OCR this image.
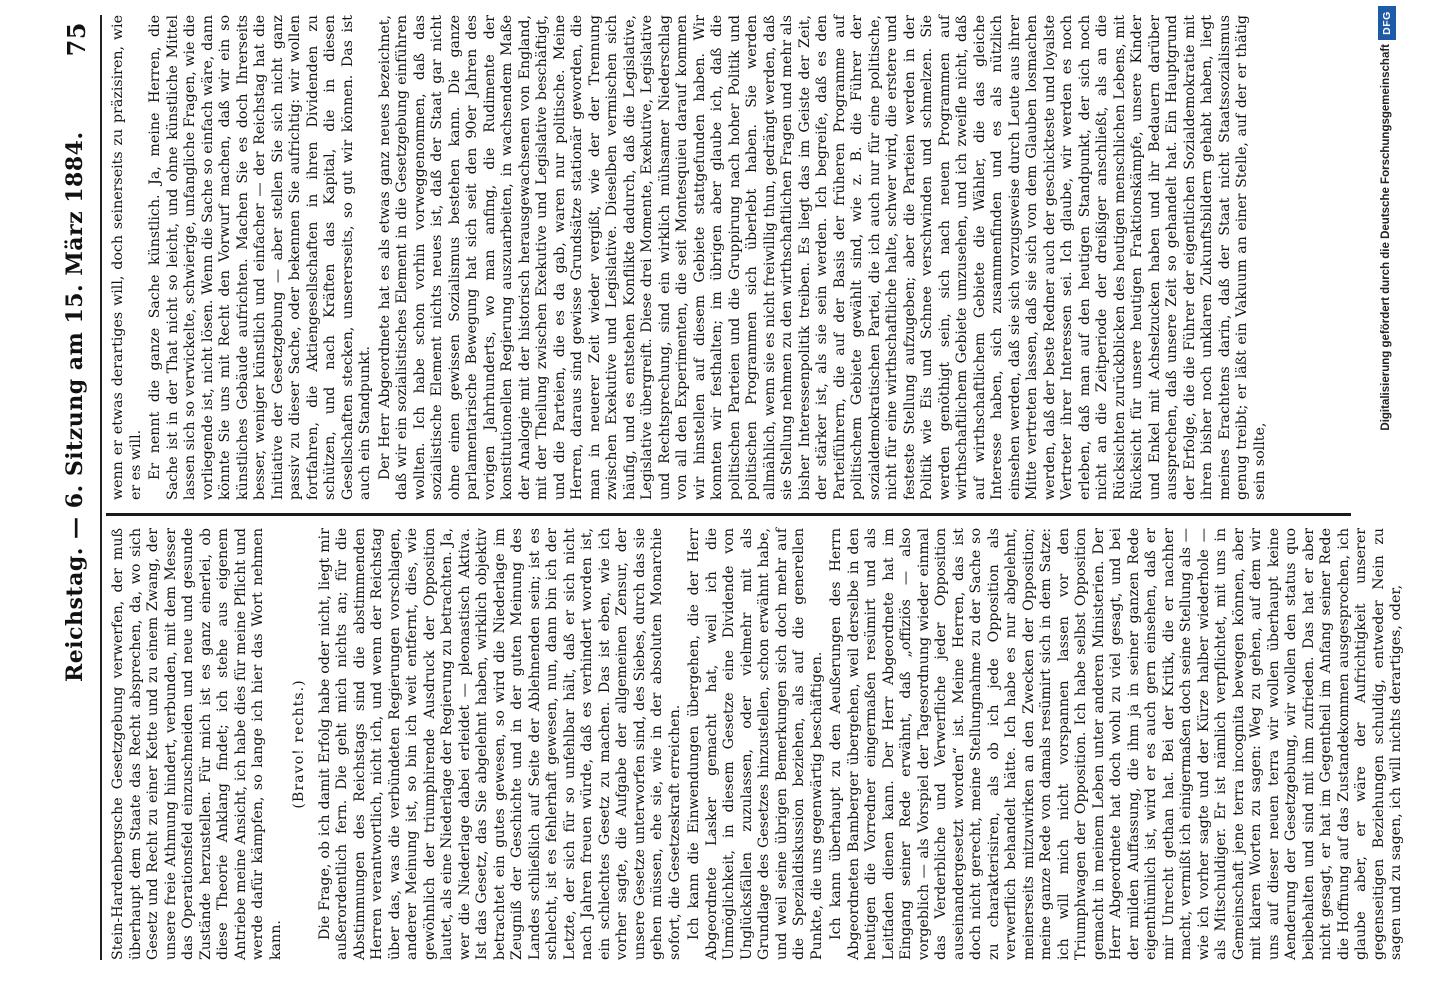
Reichstag. — 6. Sitzung am 15. März 1884.
75

Stein-Hardenbergsche Gesetzgebung verwerfen, der muß überhaupt dem Staate das Recht absprechen, da, wo sich Gesetz und Recht zu einer Kette und zu einem Zwang, der unsere freie Athmung hindert, verbunden, mit dem Messer das Operationsfeld einzuschneiden und neue und gesunde Zustände herzustellen. Für mich ist es ganz einerlei, ob diese Theorie Anklang findet; ich stehe aus eigenem Antriebe meine Ansicht, ich habe dies für meine Pflicht und werde dafür kämpfen, so lange ich hier das Wort nehmen kann.

(Bravo! rechts.) Die Frage, ob ich damit Erfolg habe oder nicht, liegt mir außerordentlich fern. Die geht mich nichts an; für die Abstimmungen des Reichstags sind die abstimmenden Herren verantwortlich, nicht ich, und wenn der Reichstag über das, was die verbündeten Regierungen vorschlagen, anderer Meinung ist, so bin ich weit entfernt, dies, wie gewöhnlich der triumphirende Ausdruck der Opposition lautet, als eine Niederlage der Regierung zu betrachten. Ja, wer die Niederlage dabei erleidet — pleonastisch Aktiva. Ist das Gesetz, das Sie abgelehnt haben, wirklich objektiv betrachtet ein gutes gewesen, so wird die Niederlage im Zeugniß der Geschichte und in der guten Meinung des Landes schließlich auf Seite der Ablehnenden sein; ist es schlecht, ist es fehlerhaft gewesen, nun, dann bin ich der Letzte, der sich für so unfehlbar hält, daß er sich nicht nach Jahren freuen würde, daß es verhindert worden ist, ein schlechtes Gesetz zu machen. Das ist eben, wie ich vorher sagte, die Aufgabe der allgemeinen Zensur, der unsere Gesetze unterworfen sind, des Siebes, durch das sie gehen müssen, ehe sie, wie in der absoluten Monarchie sofort, die Gesetzeskraft erreichen. Ich kann die Einwendungen übergehen, die der Herr Abgeordnete Lasker gemacht hat, weil ich die Unmöglichkeit, in diesem Gesetze eine Dividende von Unglücksfällen zuzulassen, oder vielmehr mit als Grundlage des Gesetzes hinzustellen, schon erwähnt habe, und weil seine übrigen Bemerkungen sich doch mehr auf die Spezialdiskussion beziehen, als auf die generellen Punkte, die uns gegenwärtig beschäftigen. Ich kann überhaupt zu den Aeußerungen des Herrn Abgeordneten Bamberger übergehen, weil derselbe in den heutigen die Vorredner eingermaßen resümirt und als Leitfaden dienen kann. Der Herr Abgeordnete hat im Eingang seiner Rede erwähnt, daß „offiziös — also vorgeblich — als Vorspiel der Tagesordnung wieder einmal das Verderbliche und Verwerfliche jeder Opposition auseinandergesetzt worden“ ist. Meine Herren, das ist doch nicht gerecht, meine Stellungnahme zu der Sache so zu charakterisiren, als ob ich jede Opposition als verwerflich behandelt hätte. Ich habe es nur abgelehnt, meinerseits mitzuwirken an den Zwecken der Opposition; meine ganze Rede von damals resümirt sich in dem Satze: ich will mich nicht vorspannen lassen vor den Triumphwagen der Opposition. Ich habe selbst Opposition gemacht in meinem Leben unter anderen Ministerien. Der Herr Abgeordnete hat doch wohl zu viel gesagt, und bei der milden Auffassung, die ihm ja in seiner ganzen Rede eigenthümlich ist, wird er es auch gern einsehen, daß er mir Unrecht gethan hat. Bei der Kritik, die er nachher macht, vermißt ich einigermaßen doch seine Stellung als — wie ich vorher sagte und der Kürze halber wiederhole — als Mitschuldiger. Er ist nämlich verpflichtet, mit uns in Gemeinschaft jene terra incognita bewegen können, aber mit klaren Worten zu sagen: Weg zu gehen, auf dem wir uns auf dieser neuen terra wir wollen überhaupt keine Aenderung der Gesetzgebung, wir wollen den status quo beibehalten und sind mit ihm zufrieden. Das hat er aber nicht gesagt, er hat im Gegentheil im Anfang seiner Rede die Hoffnung auf das Zustandekommen ausgesprochen, ich glaube aber, er wäre der Aufrichtigkeit unserer gegenseitigen Beziehungen schuldig, entweder Nein zu sagen und zu sagen, ich will nichts derartiges, oder,

wenn er etwas derartiges will, doch seinerseits zu präzisiren, wie er es will. Er nennt die ganze Sache künstlich. Ja, meine Herren, die Sache ist in der That nicht so leicht, und ohne künstliche Mittel lassen sich so verwickelte, schwierige, unfangliche Fragen, wie die vorliegende ist, nicht lösen. Wenn die Sache so einfach wäre, dann könnte Sie uns mit Recht den Vorwurf machen, daß wir ein so künstliches Gebäude aufrichten. Machen Sie es doch Ihrerseits besser, weniger künstlich und einfacher — der Reichstag hat die Initiative der Gesetzgebung — aber stellen Sie sich nicht ganz passiv zu dieser Sache, oder bekennen Sie aufrichtig: wir wollen fortfahren, die Aktiengesellschaften in ihren Dividenden zu schützen, und nach Kräften das Kapital, die in diesen Gesellschaften stecken, unsererseits, so gut wir können. Das ist auch ein Standpunkt. Der Herr Abgeordnete hat es als etwas ganz neues bezeichnet, daß wir ein sozialistisches Element in die Gesetzgebung einführen wollten. Ich habe schon vorhin vorweggenommen, daß das sozialistische Element nichts neues ist, daß der Staat gar nicht ohne einen gewissen Sozialismus bestehen kann. Die ganze parlamentarische Bewegung hat sich seit den 90er Jahren des vorigen Jahrhunderts, wo man anfing, die Rudimente der konstitutionellen Regierung auszuarbeiten, in wachsendem Maße der Analogie mit der historisch herausgewachsenen von England, mit der Theilung zwischen Exekutive und Legislative beschäftigt, und die Parteien, die es da gab, waren nur politische. Meine Herren, daraus sind gewisse Grundsätze stationär geworden, die man in neuerer Zeit wieder vergißt, wie der der Trennung zwischen Exekutive und Legislative. Dieselben vermischen sich häufig, und es entstehen Konflikte dadurch, daß die Legislative, Legislative übergreift. Diese drei Momente, Exekutive, Legislative und Rechtsprechung, sind ein wirklich mühsamer Niederschlag von all den Experimenten, die seit Montesquieu darauf kommen wir hinstellen auf diesem Gebiete stattgefunden haben. Wir konnten wir festhalten; im übrigen aber glaube ich, daß die politischen Parteien und die Gruppirung nach hoher Politik und politischen Programmen sich überlebt haben. Sie werden allmählich, wenn sie es nicht freiwillig thun, gedrängt werden, daß sie Stellung nehmen zu den wirthschaftlichen Fragen und mehr als bisher Interessenpolitik treiben. Es liegt das im Geiste der Zeit, der stärker ist, als sie sein werden. Ich begreife, daß es den Parteiführern, die auf der Basis der früheren Programme auf politischem Gebiete gewählt sind, wie z. B. die Führer der sozialdemokratischen Partei, die ich auch nur für eine politische, nicht für eine wirthschaftliche halte, schwer wird, die erstere und festeste Stellung aufzugeben; aber die Parteien werden in der Politik wie Eis und Schnee verschwinden und schmelzen. Sie werden genöthigt sein, sich nach neuen Programmen auf wirthschaftlichem Gebiete umzusehen, und ich zweifle nicht, daß auf wirthschaftlichem Gebiete die Wähler, die das gleiche Interesse haben, sich zusammenfinden und es als nützlich einsehen werden, daß sie sich vorzugsweise durch Leute aus ihrer Mitte vertreten lassen, daß sie sich von dem Glauben losmachen werden, daß der beste Redner auch der geschickteste und loyalste Vertreter ihrer Interessen sei. Ich glaube, wir werden es noch erleben, daß man auf den heutigen Standpunkt, der sich noch nicht an die Zeitperiode der dreißiger anschließt, als an die Rücksichten zurückblicken des heutigen menschlichen Lebens, mit Rücksicht für unsere heutigen Fraktionskämpfe, unsere Kinder und Enkel mit Achselzucken haben und ihr Bedauern darüber aussprechen, daß unsere Zeit so gehandelt hat. Ein Hauptgrund der Erfolge, die die Führer der eigentlichen Sozialdemokratie mit ihren bisher noch unklaren Zukunftsbildern gehabt haben, liegt meines Erachtens darin, daß der Staat nicht Staatssozialismus genug treibt; er läßt ein Vakuum an einer Stelle, auf der er thätig sein sollte,

Digitalisierung gefördert durch die Deutsche Forschungsgemeinschaft
DFG
